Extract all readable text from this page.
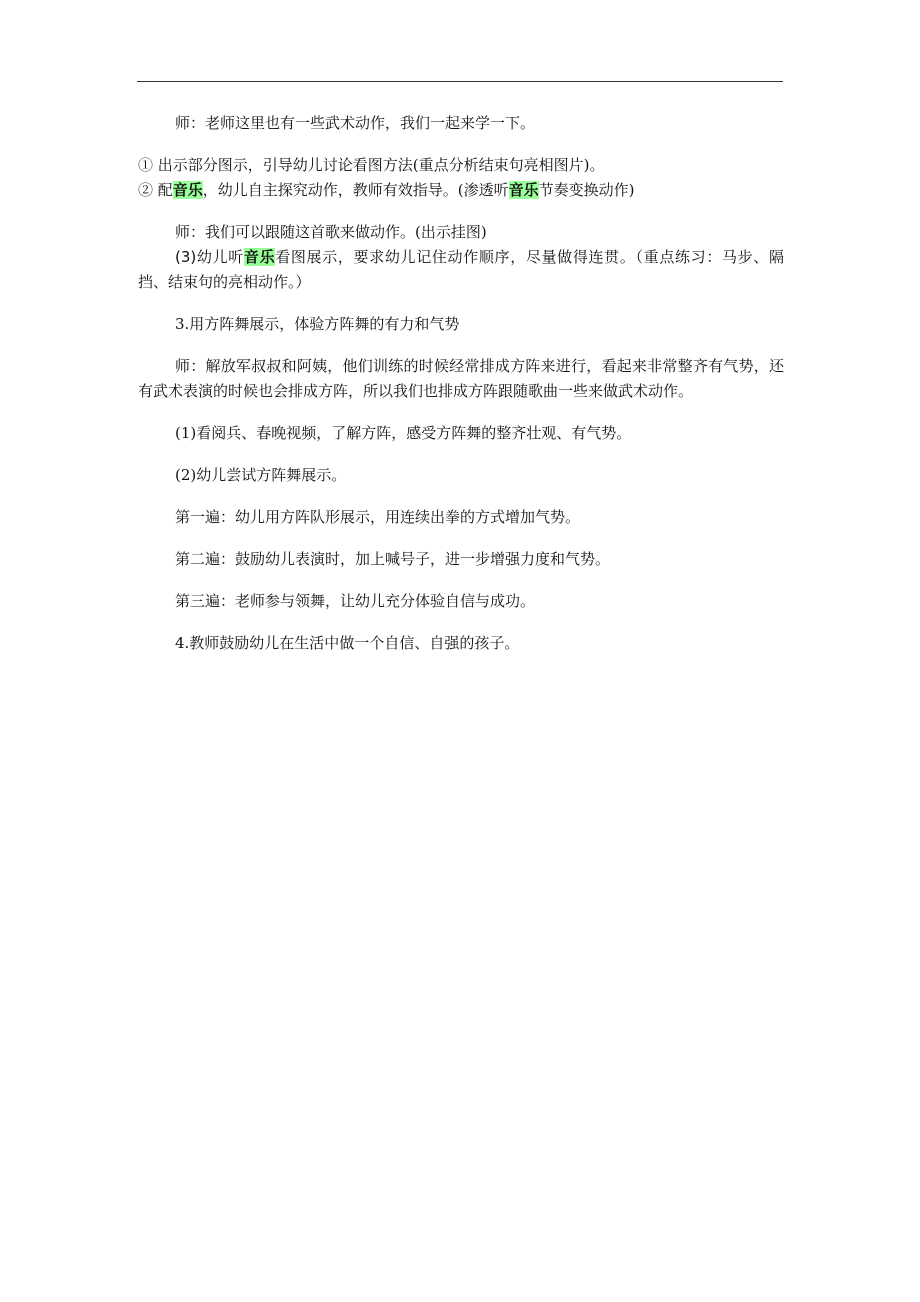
师：老师这里也有一些武术动作，我们一起来学一下。

① 出示部分图示，引导幼儿讨论看图方法(重点分析结束句亮相图片)。

② 配音乐，幼儿自主探究动作，教师有效指导。(渗透听音乐节奏变换动作)

师：我们可以跟随这首歌来做动作。(出示挂图)

(3)幼儿听音乐看图展示，要求幼儿记住动作顺序，尽量做得连贯。（重点练习：马步、隔挡、结束句的亮相动作。）

3.用方阵舞展示，体验方阵舞的有力和气势

师：解放军叔叔和阿姨，他们训练的时候经常排成方阵来进行，看起来非常整齐有气势，还有武术表演的时候也会排成方阵，所以我们也排成方阵跟随歌曲一些来做武术动作。

(1)看阅兵、春晚视频，了解方阵，感受方阵舞的整齐壮观、有气势。

(2)幼儿尝试方阵舞展示。

第一遍：幼儿用方阵队形展示，用连续出拳的方式增加气势。

第二遍：鼓励幼儿表演时，加上喊号子，进一步增强力度和气势。

第三遍：老师参与领舞，让幼儿充分体验自信与成功。

4.教师鼓励幼儿在生活中做一个自信、自强的孩子。
